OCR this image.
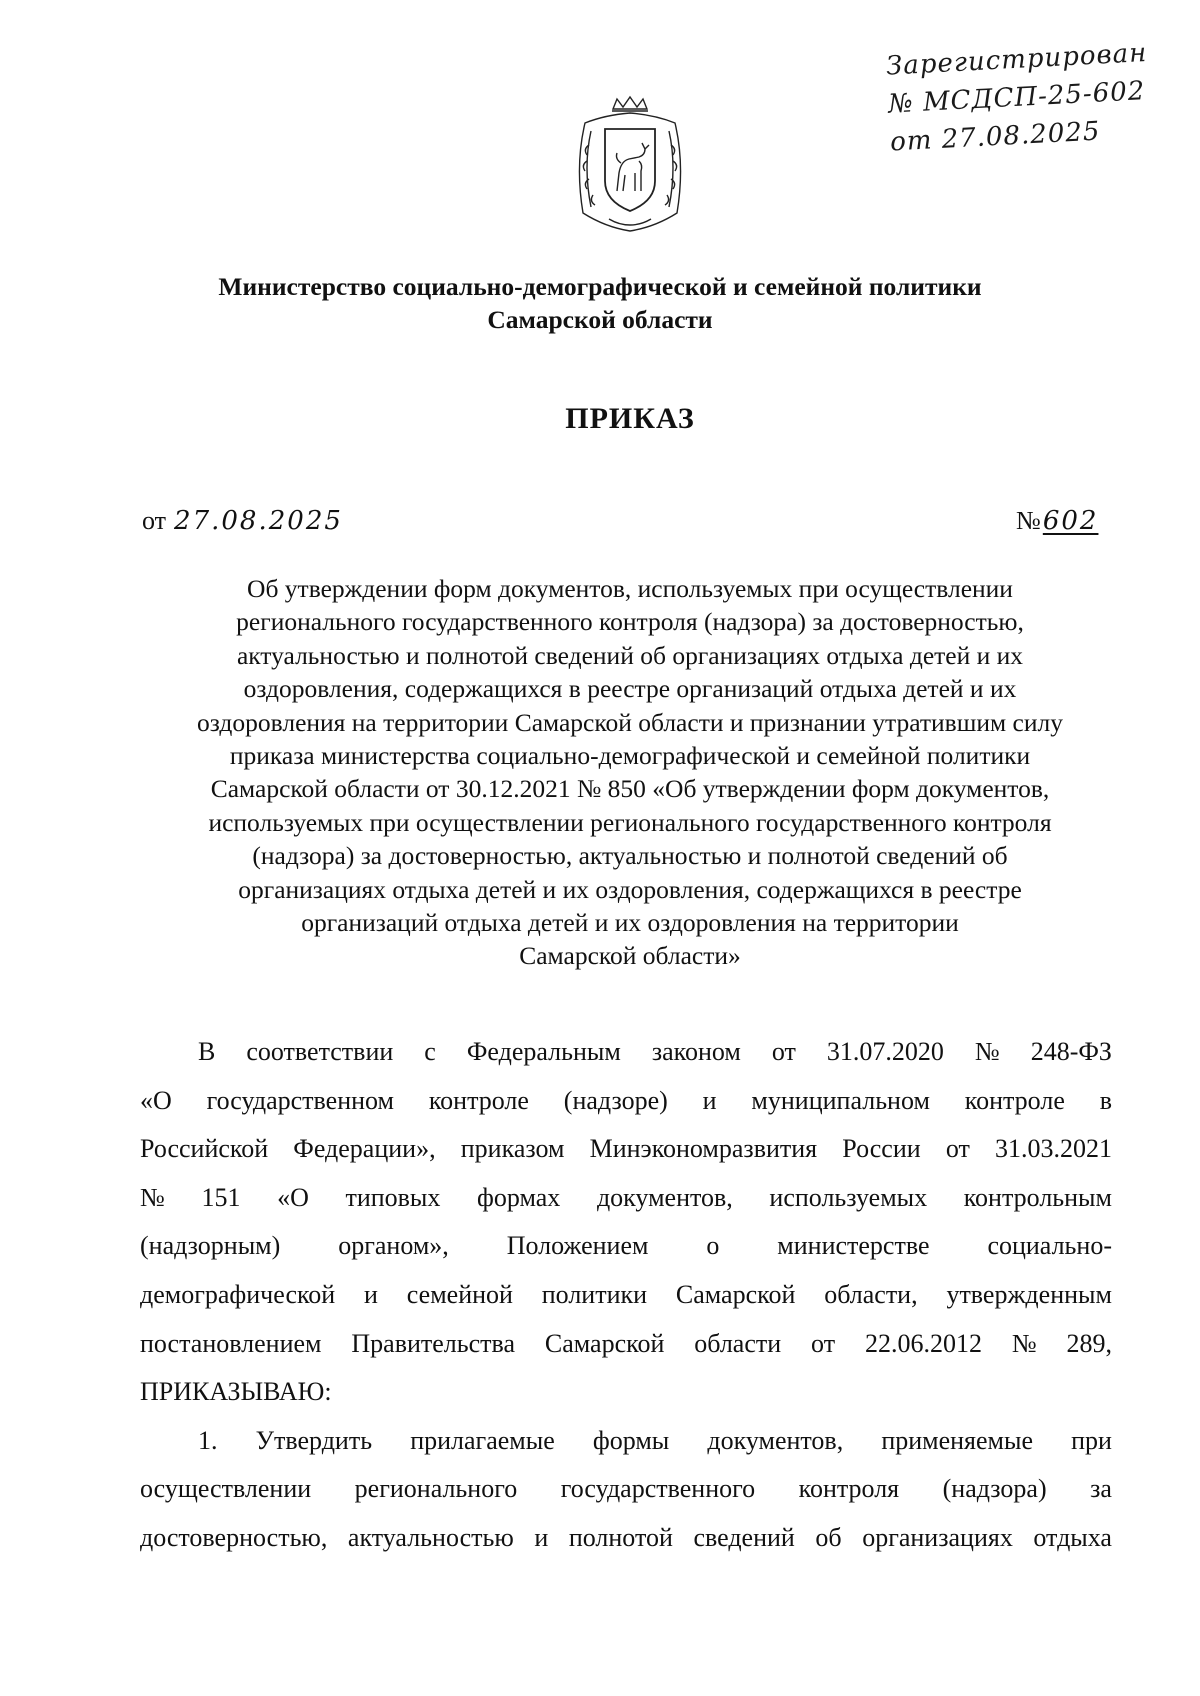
Зарегистрирован
№ МСДСП-25-602
от 27.08.2025
Министерство социально-демографической и семейной политики
Самарской области
ПРИКАЗ
от 27.08.2025	№602
Об утверждении форм документов, используемых при осуществлении
регионального государственного контроля (надзора) за достоверностью,
актуальностью и полнотой сведений об организациях отдыха детей и их
оздоровления, содержащихся в реестре организаций отдыха детей и их
оздоровления на территории Самарской области и признании утратившим силу
приказа министерства социально-демографической и семейной политики
Самарской области от 30.12.2021 № 850 «Об утверждении форм документов,
используемых при осуществлении регионального государственного контроля
(надзора) за достоверностью, актуальностью и полнотой сведений об
организациях отдыха детей и их оздоровления, содержащихся в реестре
организаций отдыха детей и их оздоровления на территории
Самарской области»
В соответствии с Федеральным законом от 31.07.2020 № 248-ФЗ
«О государственном контроле (надзоре) и муниципальном контроле в
Российской Федерации», приказом Минэкономразвития России от 31.03.2021
№ 151 «О типовых формах документов, используемых контрольным
(надзорным) органом», Положением о министерстве социально-
демографической и семейной политики Самарской области, утвержденным
постановлением Правительства Самарской области от 22.06.2012 № 289,
ПРИКАЗЫВАЮ:
1. Утвердить прилагаемые формы документов, применяемые при
осуществлении регионального государственного контроля (надзора) за
достоверностью, актуальностью и полнотой сведений об организациях отдыха
